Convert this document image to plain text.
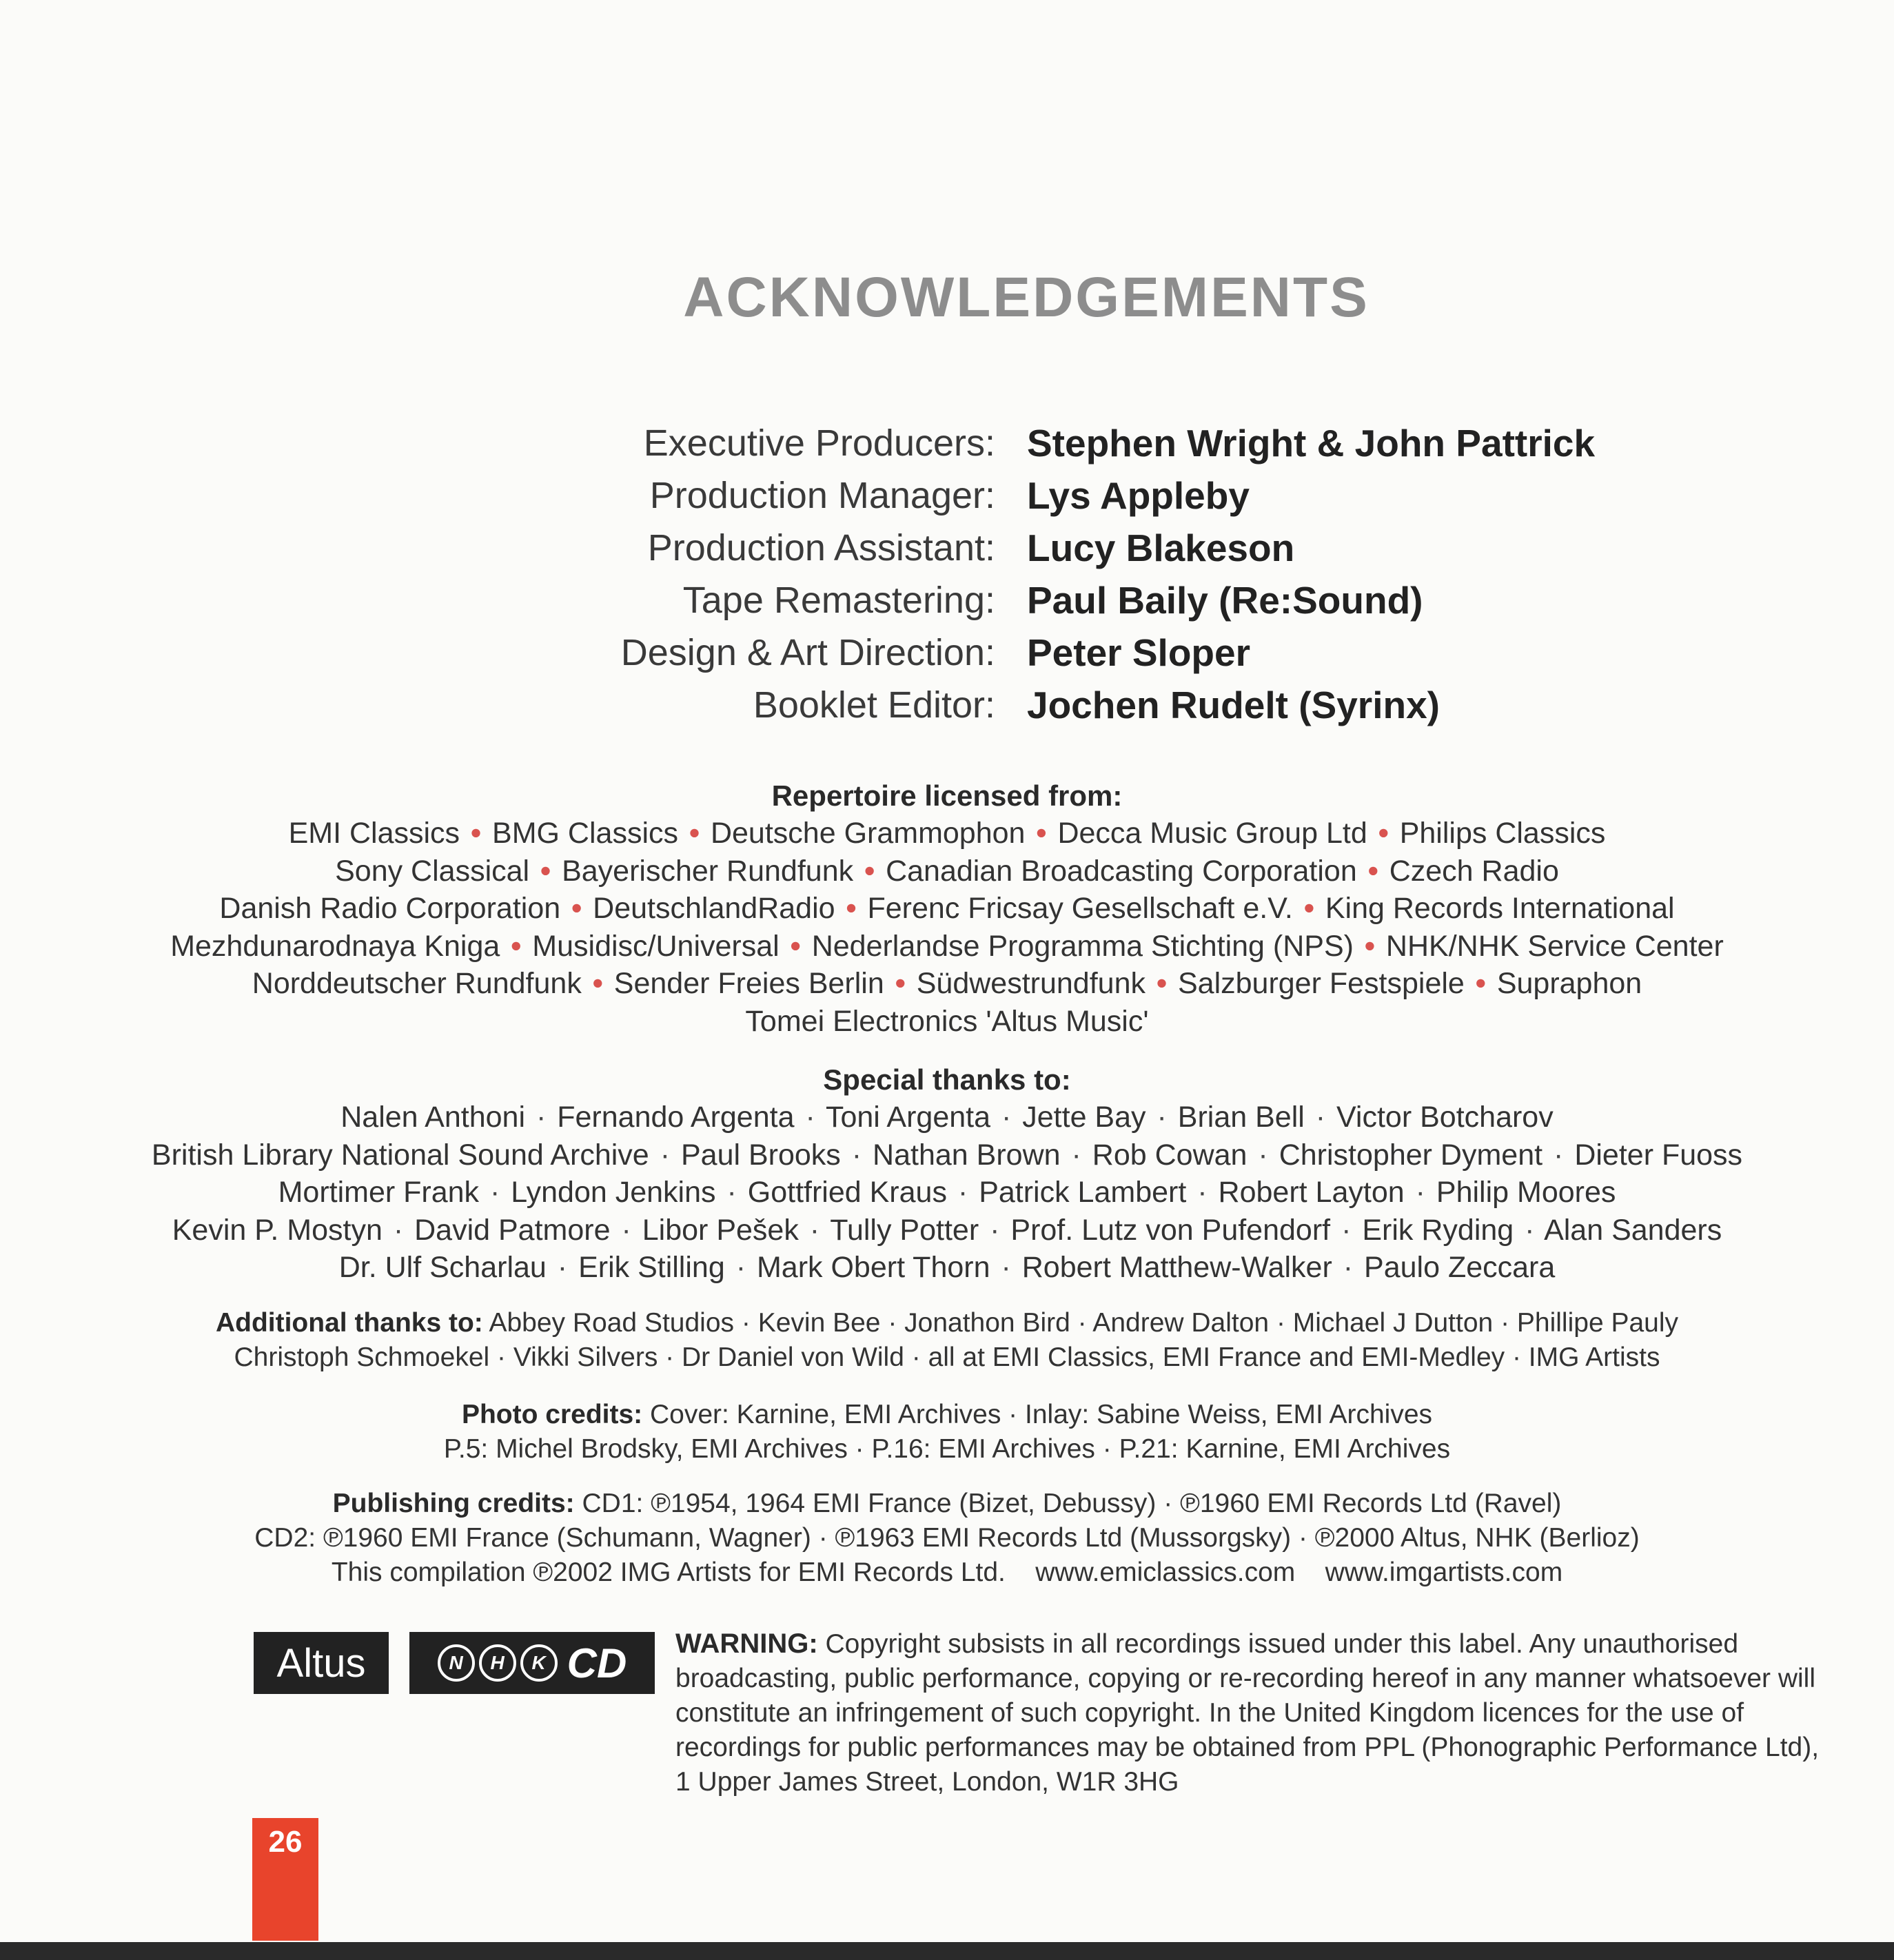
ACKNOWLEDGEMENTS
Executive Producers: Stephen Wright & John Pattrick
Production Manager: Lys Appleby
Production Assistant: Lucy Blakeson
Tape Remastering: Paul Baily (Re:Sound)
Design & Art Direction: Peter Sloper
Booklet Editor: Jochen Rudelt (Syrinx)
Repertoire licensed from:
EMI Classics • BMG Classics • Deutsche Grammophon • Decca Music Group Ltd • Philips Classics
Sony Classical • Bayerischer Rundfunk • Canadian Broadcasting Corporation • Czech Radio
Danish Radio Corporation • DeutschlandRadio • Ferenc Fricsay Gesellschaft e.V. • King Records International
Mezhdunarodnaya Kniga • Musidisc/Universal • Nederlandse Programma Stichting (NPS) • NHK/NHK Service Center
Norddeutscher Rundfunk • Sender Freies Berlin • Südwestrundfunk • Salzburger Festspiele • Supraphon
Tomei Electronics 'Altus Music'
Special thanks to:
Nalen Anthoni · Fernando Argenta · Toni Argenta · Jette Bay · Brian Bell · Victor Botcharov
British Library National Sound Archive · Paul Brooks · Nathan Brown · Rob Cowan · Christopher Dyment · Dieter Fuoss
Mortimer Frank · Lyndon Jenkins · Gottfried Kraus · Patrick Lambert · Robert Layton · Philip Moores
Kevin P. Mostyn · David Patmore · Libor Pešek · Tully Potter · Prof. Lutz von Pufendorf · Erik Ryding · Alan Sanders
Dr. Ulf Scharlau · Erik Stilling · Mark Obert Thorn · Robert Matthew-Walker · Paulo Zeccara
Additional thanks to: Abbey Road Studios · Kevin Bee · Jonathon Bird · Andrew Dalton · Michael J Dutton · Phillipe Pauly
Christoph Schmoekel · Vikki Silvers · Dr Daniel von Wild · all at EMI Classics, EMI France and EMI-Medley · IMG Artists
Photo credits: Cover: Karnine, EMI Archives · Inlay: Sabine Weiss, EMI Archives
P.5: Michel Brodsky, EMI Archives · P.16: EMI Archives · P.21: Karnine, EMI Archives
Publishing credits: CD1: ℗1954, 1964 EMI France (Bizet, Debussy) · ℗1960 EMI Records Ltd (Ravel)
CD2: ℗1960 EMI France (Schumann, Wagner) · ℗1963 EMI Records Ltd (Mussorgsky) · ℗2000 Altus, NHK (Berlioz)
This compilation ℗2002 IMG Artists for EMI Records Ltd.    www.emiclassics.com    www.imgartists.com
Altus	N	H	K CD WARNING: Copyright subsists in all recordings issued under this label. Any unauthorised broadcasting, public performance, copying or re-recording hereof in any manner whatsoever will constitute an infringement of such copyright. In the United Kingdom licences for the use of recordings for public performances may be obtained from PPL (Phonographic Performance Ltd), 1 Upper James Street, London, W1R 3HG
26
